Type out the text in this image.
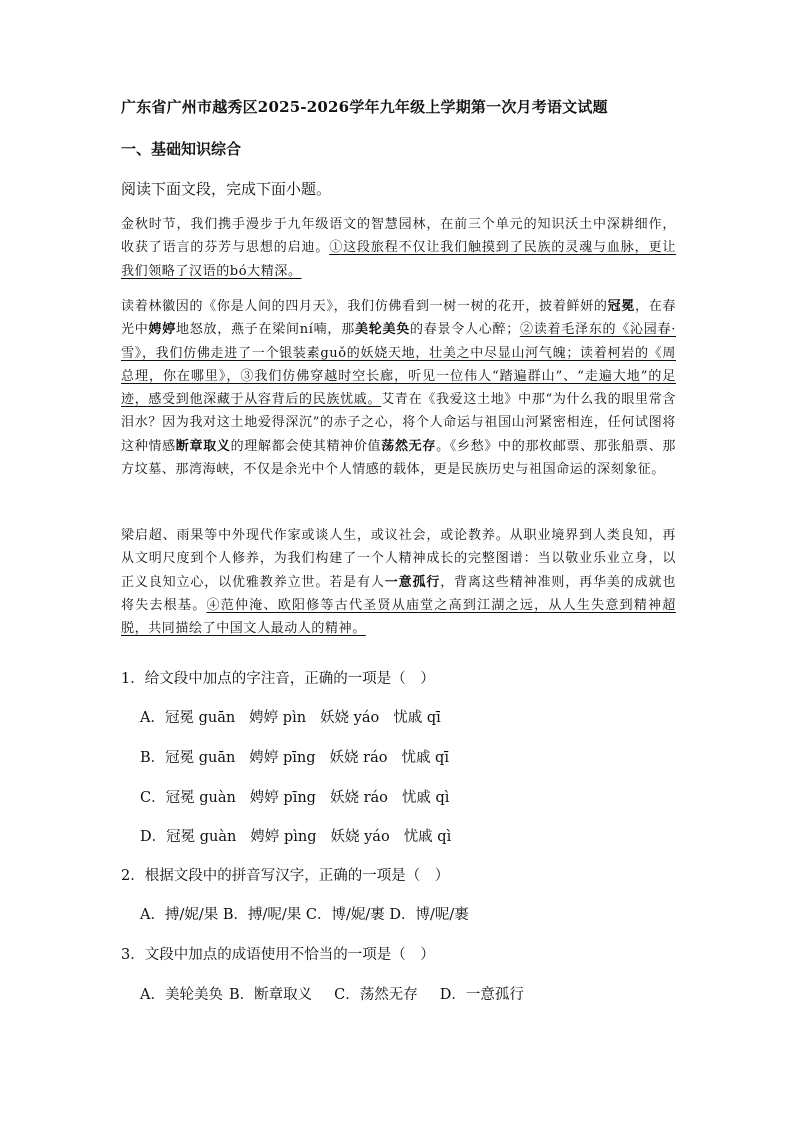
广东省广州市越秀区2025-2026学年九年级上学期第一次月考语文试题
一、基础知识综合
阅读下面文段，完成下面小题。
金秋时节，我们携手漫步于九年级语文的智慧园林，在前三个单元的知识沃土中深耕细作，收获了语言的芬芳与思想的启迪。①这段旅程不仅让我们触摸到了民族的灵魂与血脉，更让我们领略了汉语的bó大精深。
读着林徽因的《你是人间的四月天》，我们仿佛看到一树一树的花开，披着鲜妍的冠冕，在春光中娉婷地怒放，燕子在梁间ní喃，那美轮美奂的春景令人心醉；②读着毛泽东的《沁园春·雪》，我们仿佛走进了一个银装素guǒ的妖娆天地，壮美之中尽显山河气魄；读着柯岩的《周总理，你在哪里》，③我们仿佛穿越时空长廊，听见一位伟人“踏遍群山”、“走遍大地”的足迹，感受到他深藏于从容背后的民族忧戚。艾青在《我爱这土地》中那“为什么我的眼里常含泪水？因为我对这土地爱得深沉”的赤子之心，将个人命运与祖国山河紧密相连，任何试图将这种情感断章取义的理解都会使其精神价值荡然无存。《乡愁》中的那枚邮票、那张船票、那方坟墓、那湾海峡，不仅是余光中个人情感的载体，更是民族历史与祖国命运的深刻象征。
梁启超、雨果等中外现代作家或谈人生，或议社会，或论教养。从职业境界到人类良知，再从文明尺度到个人修养，为我们构建了一个人精神成长的完整图谱：当以敬业乐业立身，以正义良知立心，以优雅教养立世。若是有人一意孤行，背离这些精神准则，再华美的成就也将失去根基。④范仲淹、欧阳修等古代圣贤从庙堂之高到江湖之远，从人生失意到精神超脱，共同描绘了中国文人最动人的精神。
1．给文段中加点的字注音，正确的一项是（　）
A．冠冕 guān 娉婷 pìn 妖娆 yáo 忧戚 qī
B．冠冕 guān 娉婷 pīng 妖娆 ráo 忧戚 qī
C．冠冕 guàn 娉婷 pīng 妖娆 ráo 忧戚 qì
D．冠冕 guàn 娉婷 pìng 妖娆 yáo 忧戚 qì
2．根据文段中的拼音写汉字，正确的一项是（　）
A．搏/妮/果 B．搏/呢/果 C．博/妮/裹 D．博/呢/裹
3．文段中加点的成语使用不恰当的一项是（　）
A．美轮美奂 B．断章取义 C．荡然无存 D．一意孤行
